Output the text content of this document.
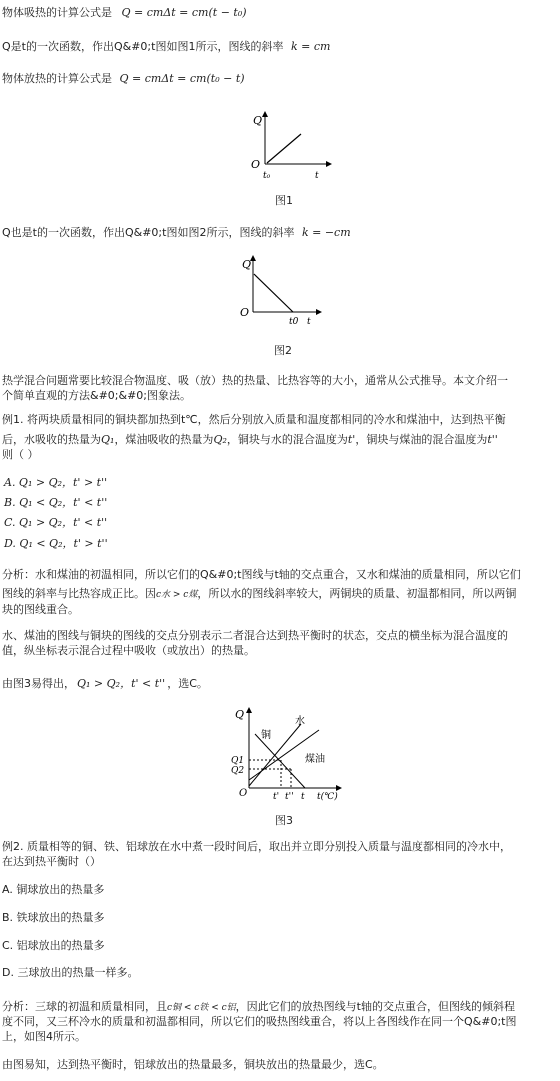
物体吸热的计算公式是 Q = cmΔt = cm(t − t₀)
Q是t的一次函数，作出Q&#0;t图如图1所示，图线的斜率 k = cm
物体放热的计算公式是 Q = cmΔt = cm(t₀ − t)
Q
O
t₀	t
图1
Q也是t的一次函数，作出Q&#0;t图如图2所示，图线的斜率 k = −cm
Q
O
t0 t
图2
热学混合问题常要比较混合物温度、吸（放）热的热量、比热容等的大小，通常从公式推导。本文介绍一
个简单直观的方法&#0;&#0;图象法。
例1. 将两块质量相同的铜块都加热到t℃，然后分别放入质量和温度都相同的冷水和煤油中，达到热平衡
后，水吸收的热量为Q₁，煤油吸收的热量为Q₂，铜块与水的混合温度为t'，铜块与煤油的混合温度为t''
则（ ）
A. Q₁ > Q₂，t' > t''
B. Q₁ < Q₂，t' < t''
C. Q₁ > Q₂，t' < t''
D. Q₁ < Q₂，t' > t''
分析：水和煤油的初温相同，所以它们的Q&#0;t图线与t轴的交点重合，又水和煤油的质量相同，所以它们
图线的斜率与比热容成正比。因c水 > c煤，所以水的图线斜率较大，两铜块的质量、初温都相同，所以两铜
块的图线重合。
水、煤油的图线与铜块的图线的交点分别表示二者混合达到热平衡时的状态，交点的横坐标为混合温度的
值，纵坐标表示混合过程中吸收（或放出）的热量。
由图3易得出， Q₁ > Q₂，t' < t'' ，选C。
Q
O
Q1
Q2
铜
水
煤油
t' t'' t t(℃)
图3
例2. 质量相等的铜、铁、铝球放在水中煮一段时间后，取出并立即分别投入质量与温度都相同的冷水中，
在达到热平衡时（）
A. 铜球放出的热量多
B. 铁球放出的热量多
C. 铝球放出的热量多
D. 三球放出的热量一样多。
分析：三球的初温和质量相同，且c铜 < c铁 < c铝，因此它们的放热图线与t轴的交点重合，但图线的倾斜程
度不同，又三杯冷水的质量和初温都相同，所以它们的吸热图线重合，将以上各图线作在同一个Q&#0;t图
上，如图4所示。
由图易知，达到热平衡时，铝球放出的热量最多，铜块放出的热量最少，选C。
